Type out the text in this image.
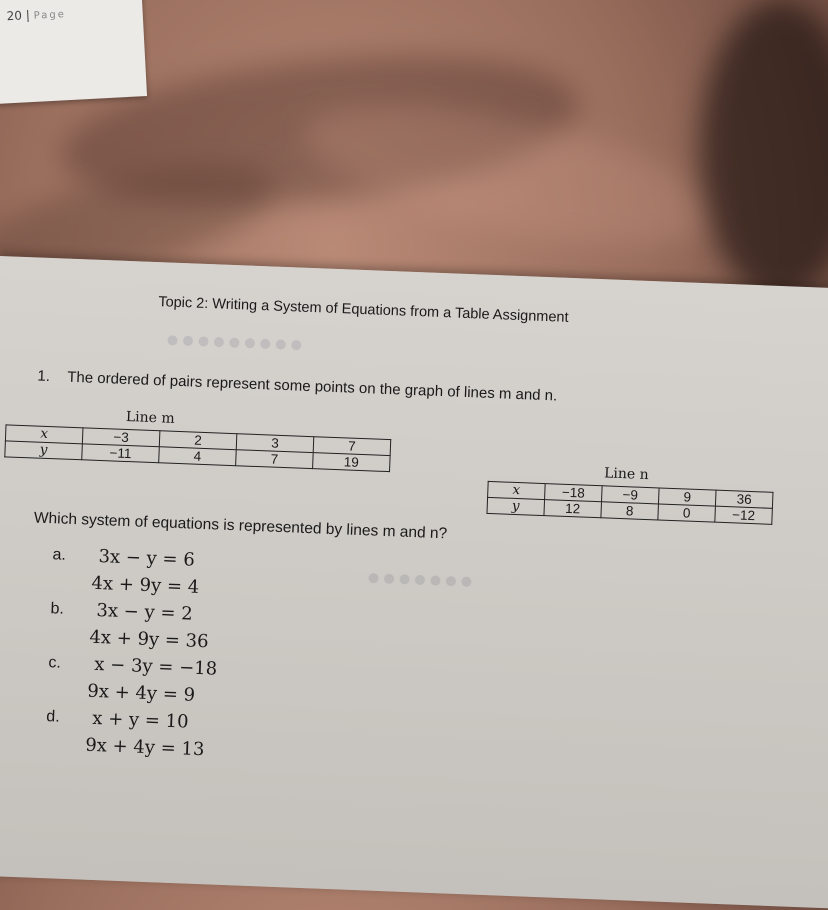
20 | Page
● ● ● ● ● ● ● ● ●
● ● ● ● ● ● ●
Topic 2: Writing a System of Equations from a Table Assignment
1. The ordered of pairs represent some points on the graph of lines m and n.
Line m
x	−3	2	3	7
y	−11	4	7	19
Line n
x	−18	−9	9	36
y	12	8	0	−12
Which system of equations is represented by lines m and n?
a. 3x − y = 6
4x + 9y = 4
b. 3x − y = 2
4x + 9y = 36
c. x − 3y = −18
9x + 4y = 9
d. x + y = 10
9x + 4y = 13
